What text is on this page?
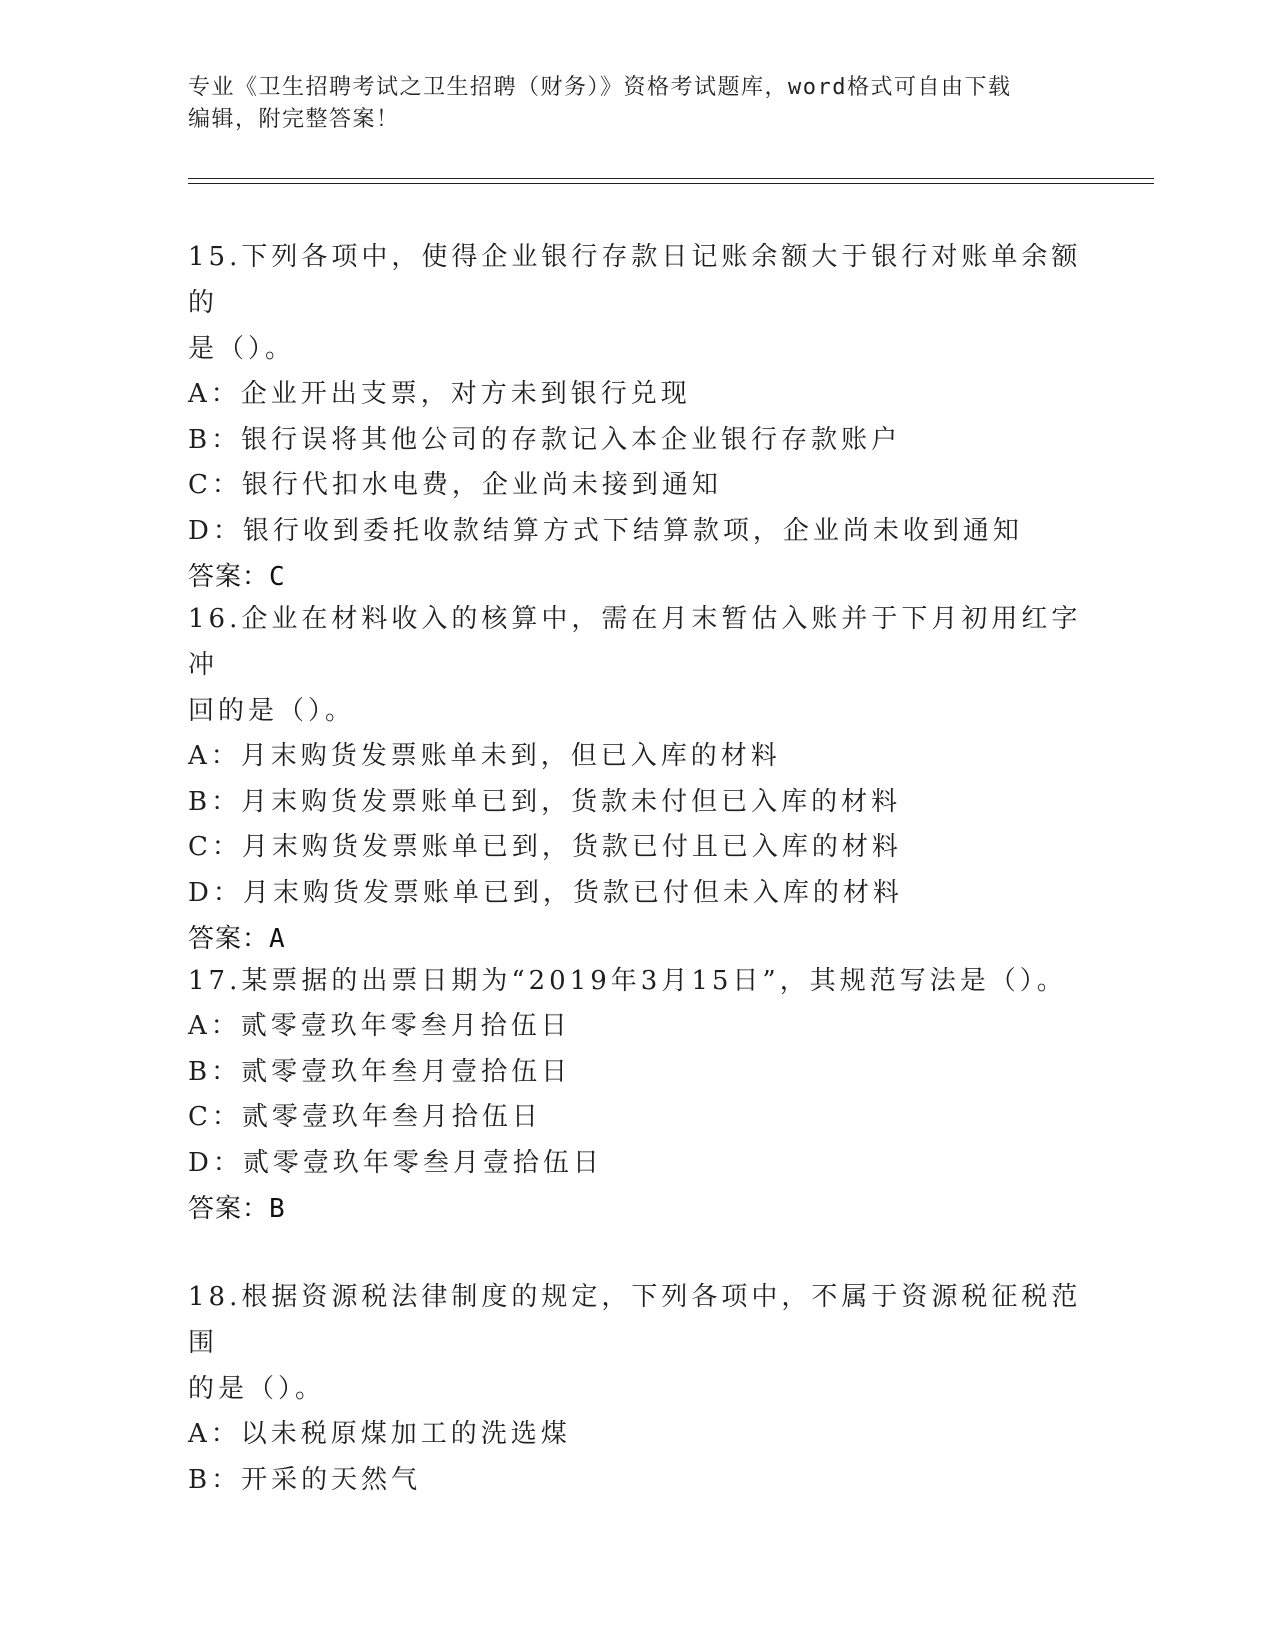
专业《卫生招聘考试之卫生招聘（财务）》资格考试题库，word格式可自由下载
编辑，附完整答案！

15.下列各项中，使得企业银行存款日记账余额大于银行对账单余额的

是（）。

A：企业开出支票，对方未到银行兑现

B：银行误将其他公司的存款记入本企业银行存款账户

C：银行代扣水电费，企业尚未接到通知

D：银行收到委托收款结算方式下结算款项，企业尚未收到通知

答案：C

16.企业在材料收入的核算中，需在月末暂估入账并于下月初用红字冲

回的是（）。

A：月末购货发票账单未到，但已入库的材料

B：月末购货发票账单已到，货款未付但已入库的材料

C：月末购货发票账单已到，货款已付且已入库的材料

D：月末购货发票账单已到，货款已付但未入库的材料

答案：A

17.某票据的出票日期为“2019年3月15日”，其规范写法是（）。

A：贰零壹玖年零叁月拾伍日

B：贰零壹玖年叁月壹拾伍日

C：贰零壹玖年叁月拾伍日

D：贰零壹玖年零叁月壹拾伍日

答案：B

18.根据资源税法律制度的规定，下列各项中，不属于资源税征税范围

的是（）。

A：以未税原煤加工的洗选煤

B：开采的天然气
